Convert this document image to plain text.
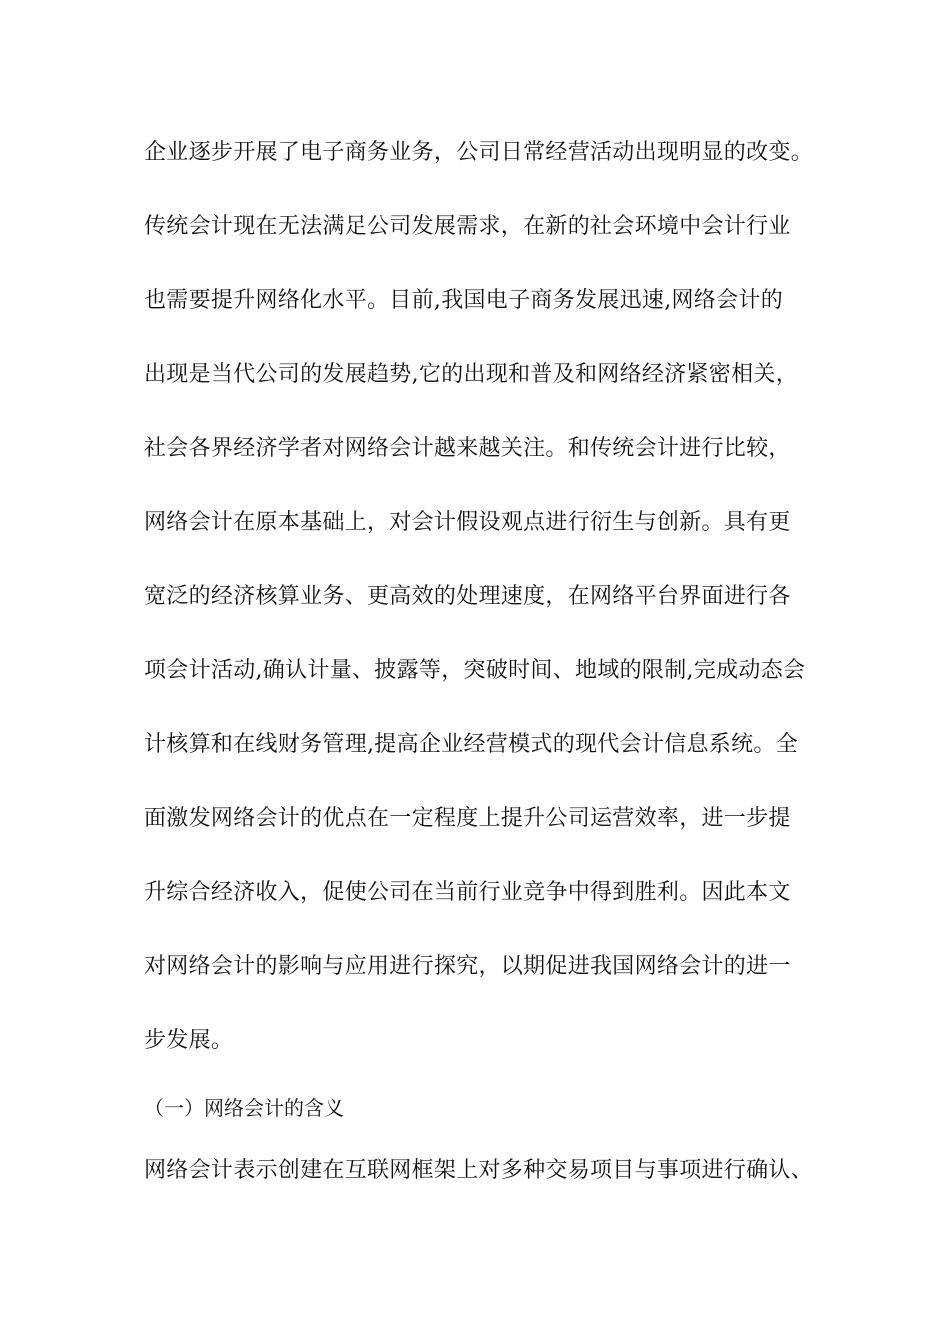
企业逐步开展了电子商务业务，公司日常经营活动出现明显的改变。
传统会计现在无法满足公司发展需求，在新的社会环境中会计行业
也需要提升网络化水平。目前,我国电子商务发展迅速,网络会计的
出现是当代公司的发展趋势,它的出现和普及和网络经济紧密相关，
社会各界经济学者对网络会计越来越关注。和传统会计进行比较，
网络会计在原本基础上，对会计假设观点进行衍生与创新。具有更
宽泛的经济核算业务、更高效的处理速度，在网络平台界面进行各
项会计活动,确认计量、披露等，突破时间、地域的限制,完成动态会
计核算和在线财务管理,提高企业经营模式的现代会计信息系统。全
面激发网络会计的优点在一定程度上提升公司运营效率，进一步提
升综合经济收入，促使公司在当前行业竞争中得到胜利。因此本文
对网络会计的影响与应用进行探究，以期促进我国网络会计的进一
步发展。
（一）网络会计的含义
网络会计表示创建在互联网框架上对多种交易项目与事项进行确认、
